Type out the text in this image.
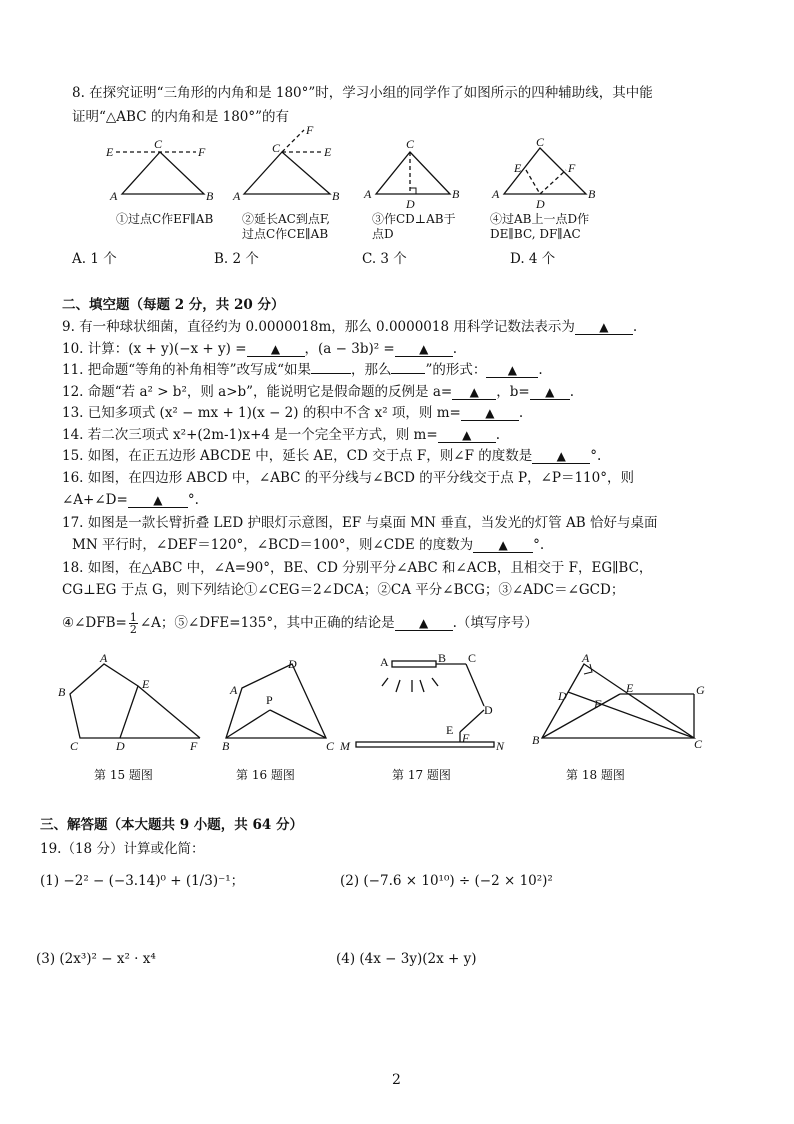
8. 在探究证明“三角形的内角和是 180°”时，学习小组的同学作了如图所示的四种辅助线，其中能
证明“△ABC 的内角和是 180°”的有
E
C
F
A	B
F
C	E
A	B
C
A	B
D
C
E	F
A	B
D
①过点C作EF∥AB ②延长AC到点F,
过点C作CE∥AB
③作CD⊥AB于
点D
④过AB上一点D作
DE∥BC, DF∥AC
A. 1 个	B. 2 个	C. 3 个	D. 4 个
二、填空题（每题 2 分，共 20 分）
9. 有一种球状细菌，直径约为 0.0000018m，那么 0.0000018 用科学记数法表示为 ▲ .
10. 计算：(x + y)(−x + y) = ▲ ，(a − 3b)² = ▲ .
11. 把命题“等角的补角相等”改写成“如果	，那么	”的形式： ▲ .
12. 命题“若 a² > b²，则 a>b”，能说明它是假命题的反例是 a= ▲ ，b= ▲ .
13. 已知多项式 (x² − mx + 1)(x − 2) 的积中不含 x² 项，则 m= ▲ .
14. 若二次三项式 x²+(2m-1)x+4 是一个完全平方式，则 m= ▲ .
15. 如图，在正五边形 ABCDE 中，延长 AE，CD 交于点 F，则∠F 的度数是 ▲ °.
16. 如图，在四边形 ABCD 中，∠ABC 的平分线与∠BCD 的平分线交于点 P，∠P＝110°，则
∠A+∠D= ▲ °.
17. 如图是一款长臂折叠 LED 护眼灯示意图，EF 与桌面 MN 垂直，当发光的灯管 AB 恰好与桌面
MN 平行时，∠DEF＝120°，∠BCD＝100°，则∠CDE 的度数为 ▲ °.
18. 如图，在△ABC 中，∠A=90°，BE、CD 分别平分∠ABC 和∠ACB，且相交于 F，EG∥BC，
CG⊥EG 于点 G，则下列结论①∠CEG＝2∠DCA；②CA 平分∠BCG；③∠ADC＝∠GCD；
④∠DFB= $\frac{1}{2}$ ∠A；⑤∠DFE=135°，其中正确的结论是 ▲ .（填写序号）
A
B
C	D
E
F
A
D
P
B	C
A	B C
D
E
F
M	N
A
D
E	G
F
B	C
第 15 题图	第 16 题图	第 17 题图	第 18 题图
三、解答题（本大题共 9 小题，共 64 分）
19.（18 分）计算或化简：
(1) −2² − (−3.14)⁰ + (1/3)⁻¹；	(2) (−7.6 × 10¹⁰) ÷ (−2 × 10²)²
(3) (2x³)² − x² · x⁴	(4) (4x − 3y)(2x + y)
2
